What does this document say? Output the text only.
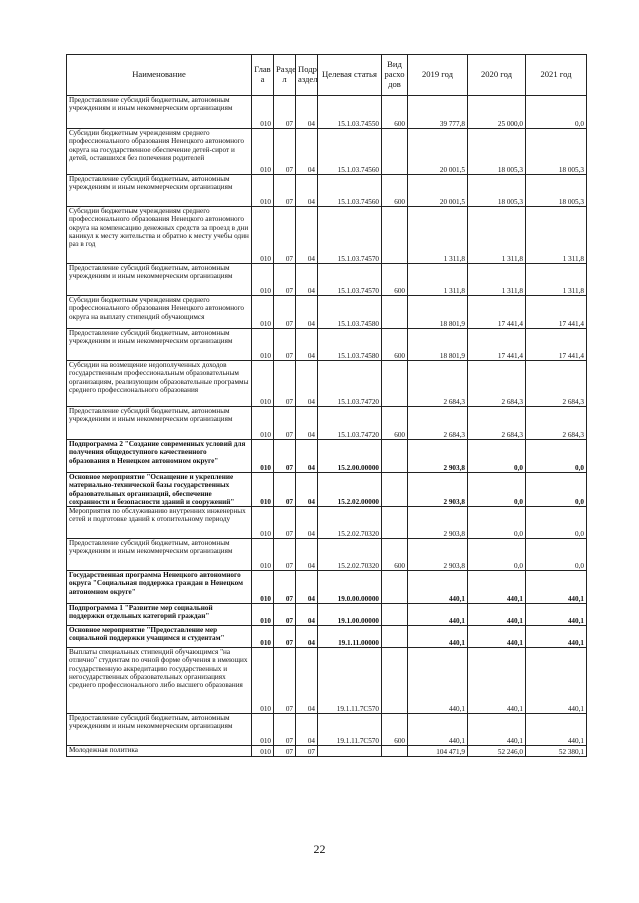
Наименование	Глав а	Разде л	Подр аздел	Целевая статья	Вид расхо дов	2019 год	2020 год	2021 год
Предоставление субсидий бюджетным, автономным учреждениям и иным некоммерческим организациям	010	07	04	15.1.03.74550	600	39 777,8	25 000,0	0,0
Субсидии бюджетным учреждениям среднего профессионального образования Ненецкого автономного округа на государственное обеспечение детей-сирот и детей, оставшихся без попечения родителей	010	07	04	15.1.03.74560		20 001,5	18 005,3	18 005,3
Предоставление субсидий бюджетным, автономным учреждениям и иным некоммерческим организациям	010	07	04	15.1.03.74560	600	20 001,5	18 005,3	18 005,3
Субсидии бюджетным учреждениям среднего профессионального образования Ненецкого автономного округа на компенсацию денежных средств за проезд в дни каникул к месту жительства и обратно к месту учебы один раз в год	010	07	04	15.1.03.74570		1 311,8	1 311,8	1 311,8
Предоставление субсидий бюджетным, автономным учреждениям и иным некоммерческим организациям	010	07	04	15.1.03.74570	600	1 311,8	1 311,8	1 311,8
Субсидии бюджетным учреждениям среднего профессионального образования Ненецкого автономного округа на выплату стипендий обучающимся	010	07	04	15.1.03.74580		18 801,9	17 441,4	17 441,4
Предоставление субсидий бюджетным, автономным учреждениям и иным некоммерческим организациям	010	07	04	15.1.03.74580	600	18 801,9	17 441,4	17 441,4
Субсидии на возмещение недополученных доходов государственным профессиональным образовательным организациям, реализующим образовательные программы среднего профессионального образования	010	07	04	15.1.03.74720		2 684,3	2 684,3	2 684,3
Предоставление субсидий бюджетным, автономным учреждениям и иным некоммерческим организациям	010	07	04	15.1.03.74720	600	2 684,3	2 684,3	2 684,3
Подпрограмма 2 "Создание современных условий для получения общедоступного качественного образования в Ненецком автономном округе"	010	07	04	15.2.00.00000		2 903,8	0,0	0,0
Основное мероприятие "Оснащение и укрепление материально-технической базы государственных образовательных организаций, обеспечение сохранности и безопасности зданий и сооружений"	010	07	04	15.2.02.00000		2 903,8	0,0	0,0
Мероприятия по обслуживанию внутренних инженерных сетей и подготовке зданий к отопительному периоду	010	07	04	15.2.02.70320		2 903,8	0,0	0,0
Предоставление субсидий бюджетным, автономным учреждениям и иным некоммерческим организациям	010	07	04	15.2.02.70320	600	2 903,8	0,0	0,0
Государственная программа Ненецкого автономного округа "Социальная поддержка граждан в Ненецком автономном округе"	010	07	04	19.0.00.00000		440,1	440,1	440,1
Подпрограмма 1 "Развитие мер социальной поддержки отдельных категорий граждан"	010	07	04	19.1.00.00000		440,1	440,1	440,1
Основное мероприятие "Предоставление мер социальной поддержки учащимся и студентам"	010	07	04	19.1.11.00000		440,1	440,1	440,1
Выплаты специальных стипендий обучающимся "на отлично" студентам по очной форме обучения в имеющих государственную аккредитацию государственных и негосударственных образовательных организациях среднего профессионального либо высшего образования	010	07	04	19.1.11.7С570		440,1	440,1	440,1
Предоставление субсидий бюджетным, автономным учреждениям и иным некоммерческим организациям	010	07	04	19.1.11.7С570	600	440,1	440,1	440,1
Молодежная политика	010	07	07			104 471,9	52 246,0	52 380,1
22
